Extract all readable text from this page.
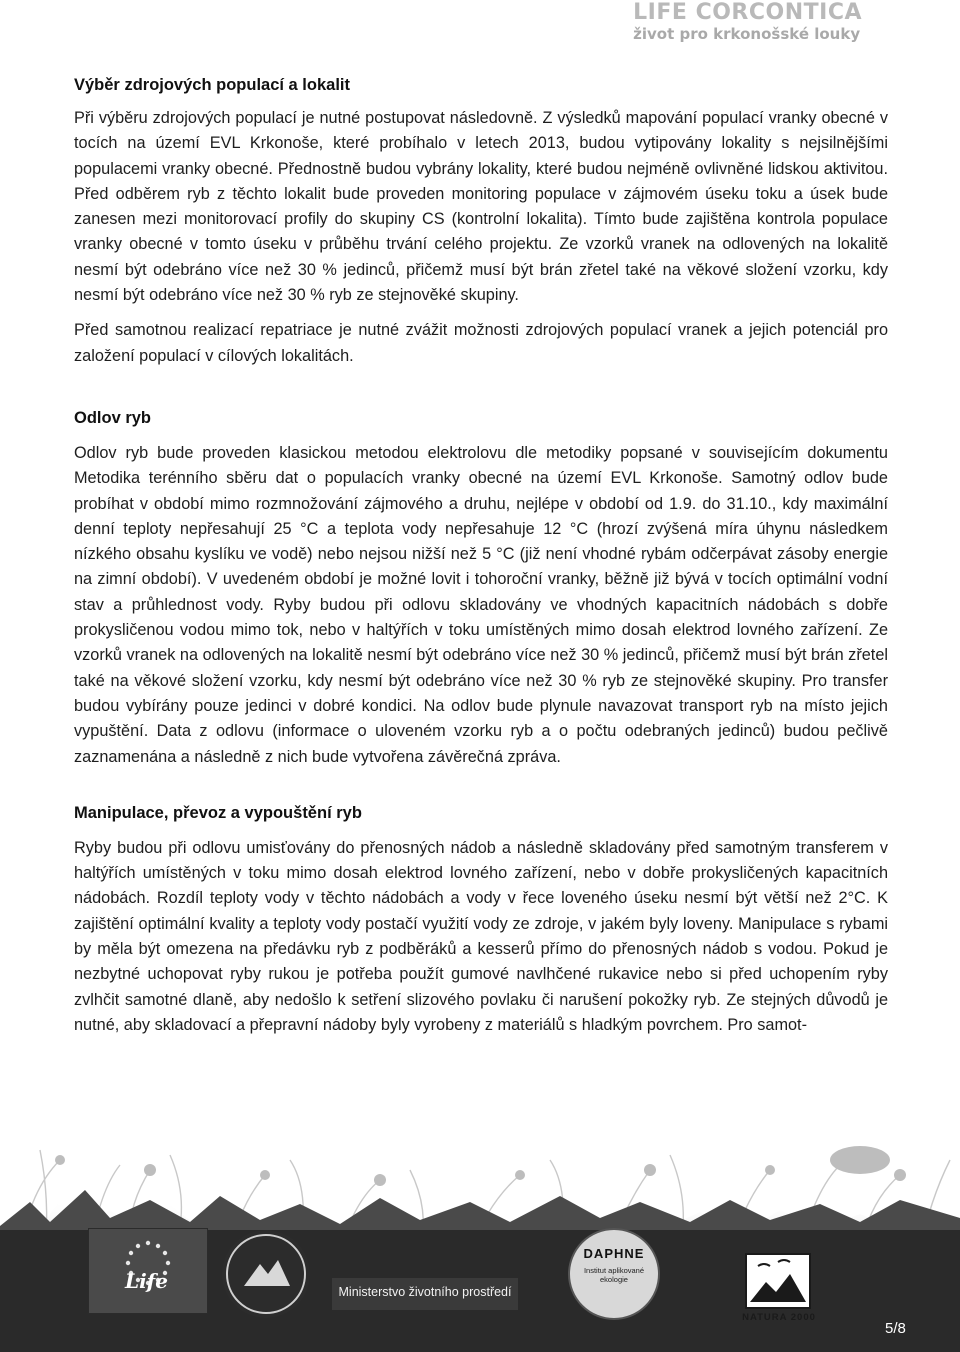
LIFE CORCONTICA
život pro krkonošské louky
Výběr zdrojových populací a lokalit

Při výběru zdrojových populací je nutné postupovat následovně. Z výsledků mapování populací vranky obecné v tocích na území EVL Krkonoše, které probíhalo v letech 2013, budou vytipovány lokality s nejsilnějšími populacemi vranky obecné. Přednostně budou vybrány lokality, které budou nejméně ovlivněné lidskou aktivitou. Před odběrem ryb z těchto lokalit bude proveden monitoring populace v zájmovém úseku toku a úsek bude zanesen mezi monitorovací profily do skupiny CS (kontrolní lokalita). Tímto bude zajištěna kontrola populace vranky obecné v tomto úseku v průběhu trvání celého projektu. Ze vzorků vranek na odlovených na lokalitě nesmí být odebráno více než 30 % jedinců, přičemž musí být brán zřetel také na věkové složení vzorku, kdy nesmí být odebráno více než 30 % ryb ze stejnověké skupiny.

Před samotnou realizací repatriace je nutné zvážit možnosti zdrojových populací vranek a jejich potenciál pro založení populací v cílových lokalitách.

Odlov ryb

Odlov ryb bude proveden klasickou metodou elektrolovu dle metodiky popsané v souvisejícím dokumentu Metodika terénního sběru dat o populacích vranky obecné na území EVL Krkonoše. Samotný odlov bude probíhat v období mimo rozmnožování zájmového a druhu, nejlépe v období od 1.9. do 31.10., kdy maximální denní teploty nepřesahují 25 °C a teplota vody nepřesahuje 12 °C (hrozí zvýšená míra úhynu následkem nízkého obsahu kyslíku ve vodě) nebo nejsou nižší než 5 °C (již není vhodné rybám odčerpávat zásoby energie na zimní období). V uvedeném období je možné lovit i tohoroční vranky, běžně již bývá v tocích optimální vodní stav a průhlednost vody. Ryby budou při odlovu skladovány ve vhodných kapacitních nádobách s dobře prokysličenou vodou mimo tok, nebo v haltýřích v toku umístěných mimo dosah elektrod lovného zařízení. Ze vzorků vranek na odlovených na lokalitě nesmí být odebráno více než 30 % jedinců, přičemž musí být brán zřetel také na věkové složení vzorku, kdy nesmí být odebráno více než 30 % ryb ze stejnověké skupiny. Pro transfer budou vybírány pouze jedinci v dobré kondici. Na odlov bude plynule navazovat transport ryb na místo jejich vypuštění. Data z odlovu (informace o uloveném vzorku ryb a o počtu odebraných jedinců) budou pečlivě zaznamenána a následně z nich bude vytvořena závěrečná zpráva.

Manipulace, převoz a vypouštění ryb

Ryby budou při odlovu umisťovány do přenosných nádob a následně skladovány před samotným transferem v haltýřích umístěných v toku mimo dosah elektrod lovného zařízení, nebo v dobře prokysličených kapacitních nádobách. Rozdíl teploty vody v těchto nádobách a vody v řece loveného úseku nesmí být větší než 2°C. K zajištění optimální kvality a teploty vody postačí využití vody ze zdroje, v jakém byly loveny. Manipulace s rybami by měla být omezena na předávku ryb z podběráků a kesserů přímo do přenosných nádob s vodou. Pokud je nezbytné uchopovat ryby rukou je potřeba použít gumové navlhčené rukavice nebo si před uchopením ryby zvlhčit samotné dlaně, aby nedošlo k setření slizového povlaku či narušení pokožky ryb. Ze stejných důvodů je nutné, aby skladovací a přepravní nádoby byly vyrobeny z materiálů s hladkým povrchem. Pro samot-

Life	Ministerstvo životního prostředí
DAPHNE
Institut aplikované ekologie
NATURA 2000
5/8
